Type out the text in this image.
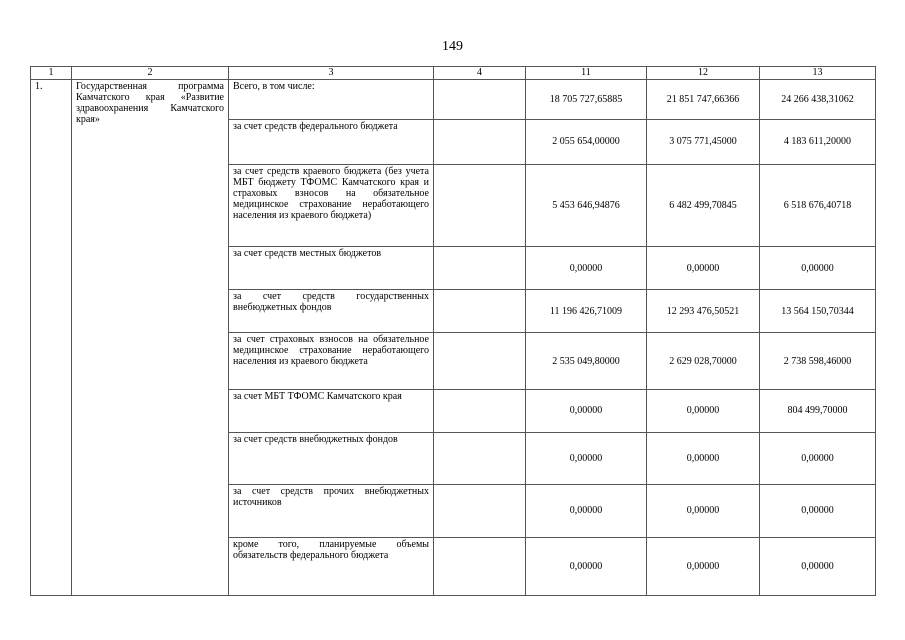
149
1	2	3	4	11	12	13
1.	Государственная программа Камчатского края «Развитие здравоохранения Камчатского края»	Всего, в том числе:		18 705 727,65885	21 851 747,66366	24 266 438,31062
		за счет средств федерального бюджета		2 055 654,00000	3 075 771,45000	4 183 611,20000
		за счет средств краевого бюджета (без учета МБТ бюджету ТФОМС Камчатского края и страховых взносов на обязательное медицинское страхование неработающего населения из краевого бюджета)		5 453 646,94876	6 482 499,70845	6 518 676,40718
		за счет средств местных бюджетов		0,00000	0,00000	0,00000
		за счет средств государственных внебюджетных фондов		11 196 426,71009	12 293 476,50521	13 564 150,70344
		за счет страховых взносов на обязательное медицинское страхование неработающего населения из краевого бюджета		2 535 049,80000	2 629 028,70000	2 738 598,46000
		за счет МБТ ТФОМС Камчатского края		0,00000	0,00000	804 499,70000
		за счет средств внебюджетных фондов		0,00000	0,00000	0,00000
		за счет средств прочих внебюджетных источников		0,00000	0,00000	0,00000
		кроме того, планируемые объемы обязательств федерального бюджета		0,00000	0,00000	0,00000
